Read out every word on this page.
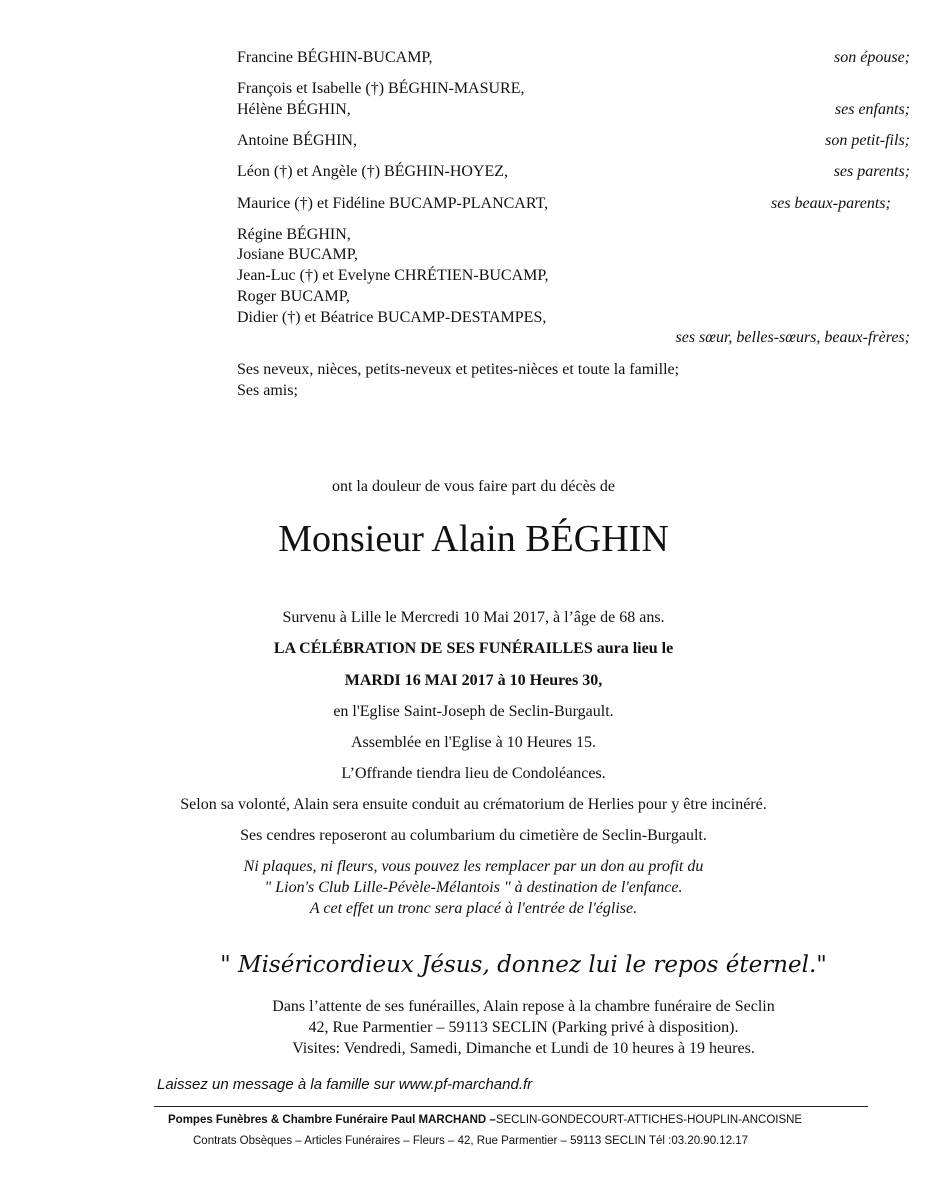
Francine BÉGHIN-BUCAMP,	son épouse;
François et Isabelle (†) BÉGHIN-MASURE,
Hélène BÉGHIN,	ses enfants;
Antoine BÉGHIN,	son petit-fils;
Léon (†) et Angèle (†) BÉGHIN-HOYEZ,	ses parents;
Maurice (†) et Fidéline BUCAMP-PLANCART,	ses beaux-parents;
Régine BÉGHIN,
Josiane BUCAMP,
Jean-Luc (†) et Evelyne CHRÉTIEN-BUCAMP,
Roger BUCAMP,
Didier (†) et Béatrice BUCAMP-DESTAMPES,
ses sœur, belles-sœurs, beaux-frères;
Ses neveux, nièces, petits-neveux et petites-nièces et toute la famille;
Ses amis;
ont la douleur de vous faire part du décès de
Monsieur Alain BÉGHIN
Survenu à Lille le Mercredi 10 Mai 2017, à l’âge de 68 ans.
LA CÉLÉBRATION DE SES FUNÉRAILLES aura lieu le
MARDI 16 MAI 2017 à 10 Heures 30,
en l'Eglise Saint-Joseph de Seclin-Burgault.
Assemblée en l'Eglise à 10 Heures 15.
L’Offrande tiendra lieu de Condoléances.
Selon sa volonté, Alain sera ensuite conduit au crématorium de Herlies pour y être incinéré.
Ses cendres reposeront au columbarium du cimetière de Seclin-Burgault.
Ni plaques, ni fleurs, vous pouvez les remplacer par un don au profit du
" Lion's Club Lille-Pévèle-Mélantois " à destination de l'enfance.
A cet effet un tronc sera placé à l'entrée de l'église.
" Miséricordieux Jésus, donnez lui le repos éternel."
Dans l’attente de ses funérailles, Alain repose à la chambre funéraire de Seclin
42, Rue Parmentier – 59113 SECLIN (Parking privé à disposition).
Visites: Vendredi, Samedi, Dimanche et Lundi de 10 heures à 19 heures.
Laissez un message à la famille sur www.pf-marchand.fr
Pompes Funèbres & Chambre Funéraire Paul MARCHAND –SECLIN-GONDECOURT-ATTICHES-HOUPLIN-ANCOISNE
Contrats Obsèques – Articles Funéraires – Fleurs – 42, Rue Parmentier – 59113 SECLIN Tél :03.20.90.12.17
